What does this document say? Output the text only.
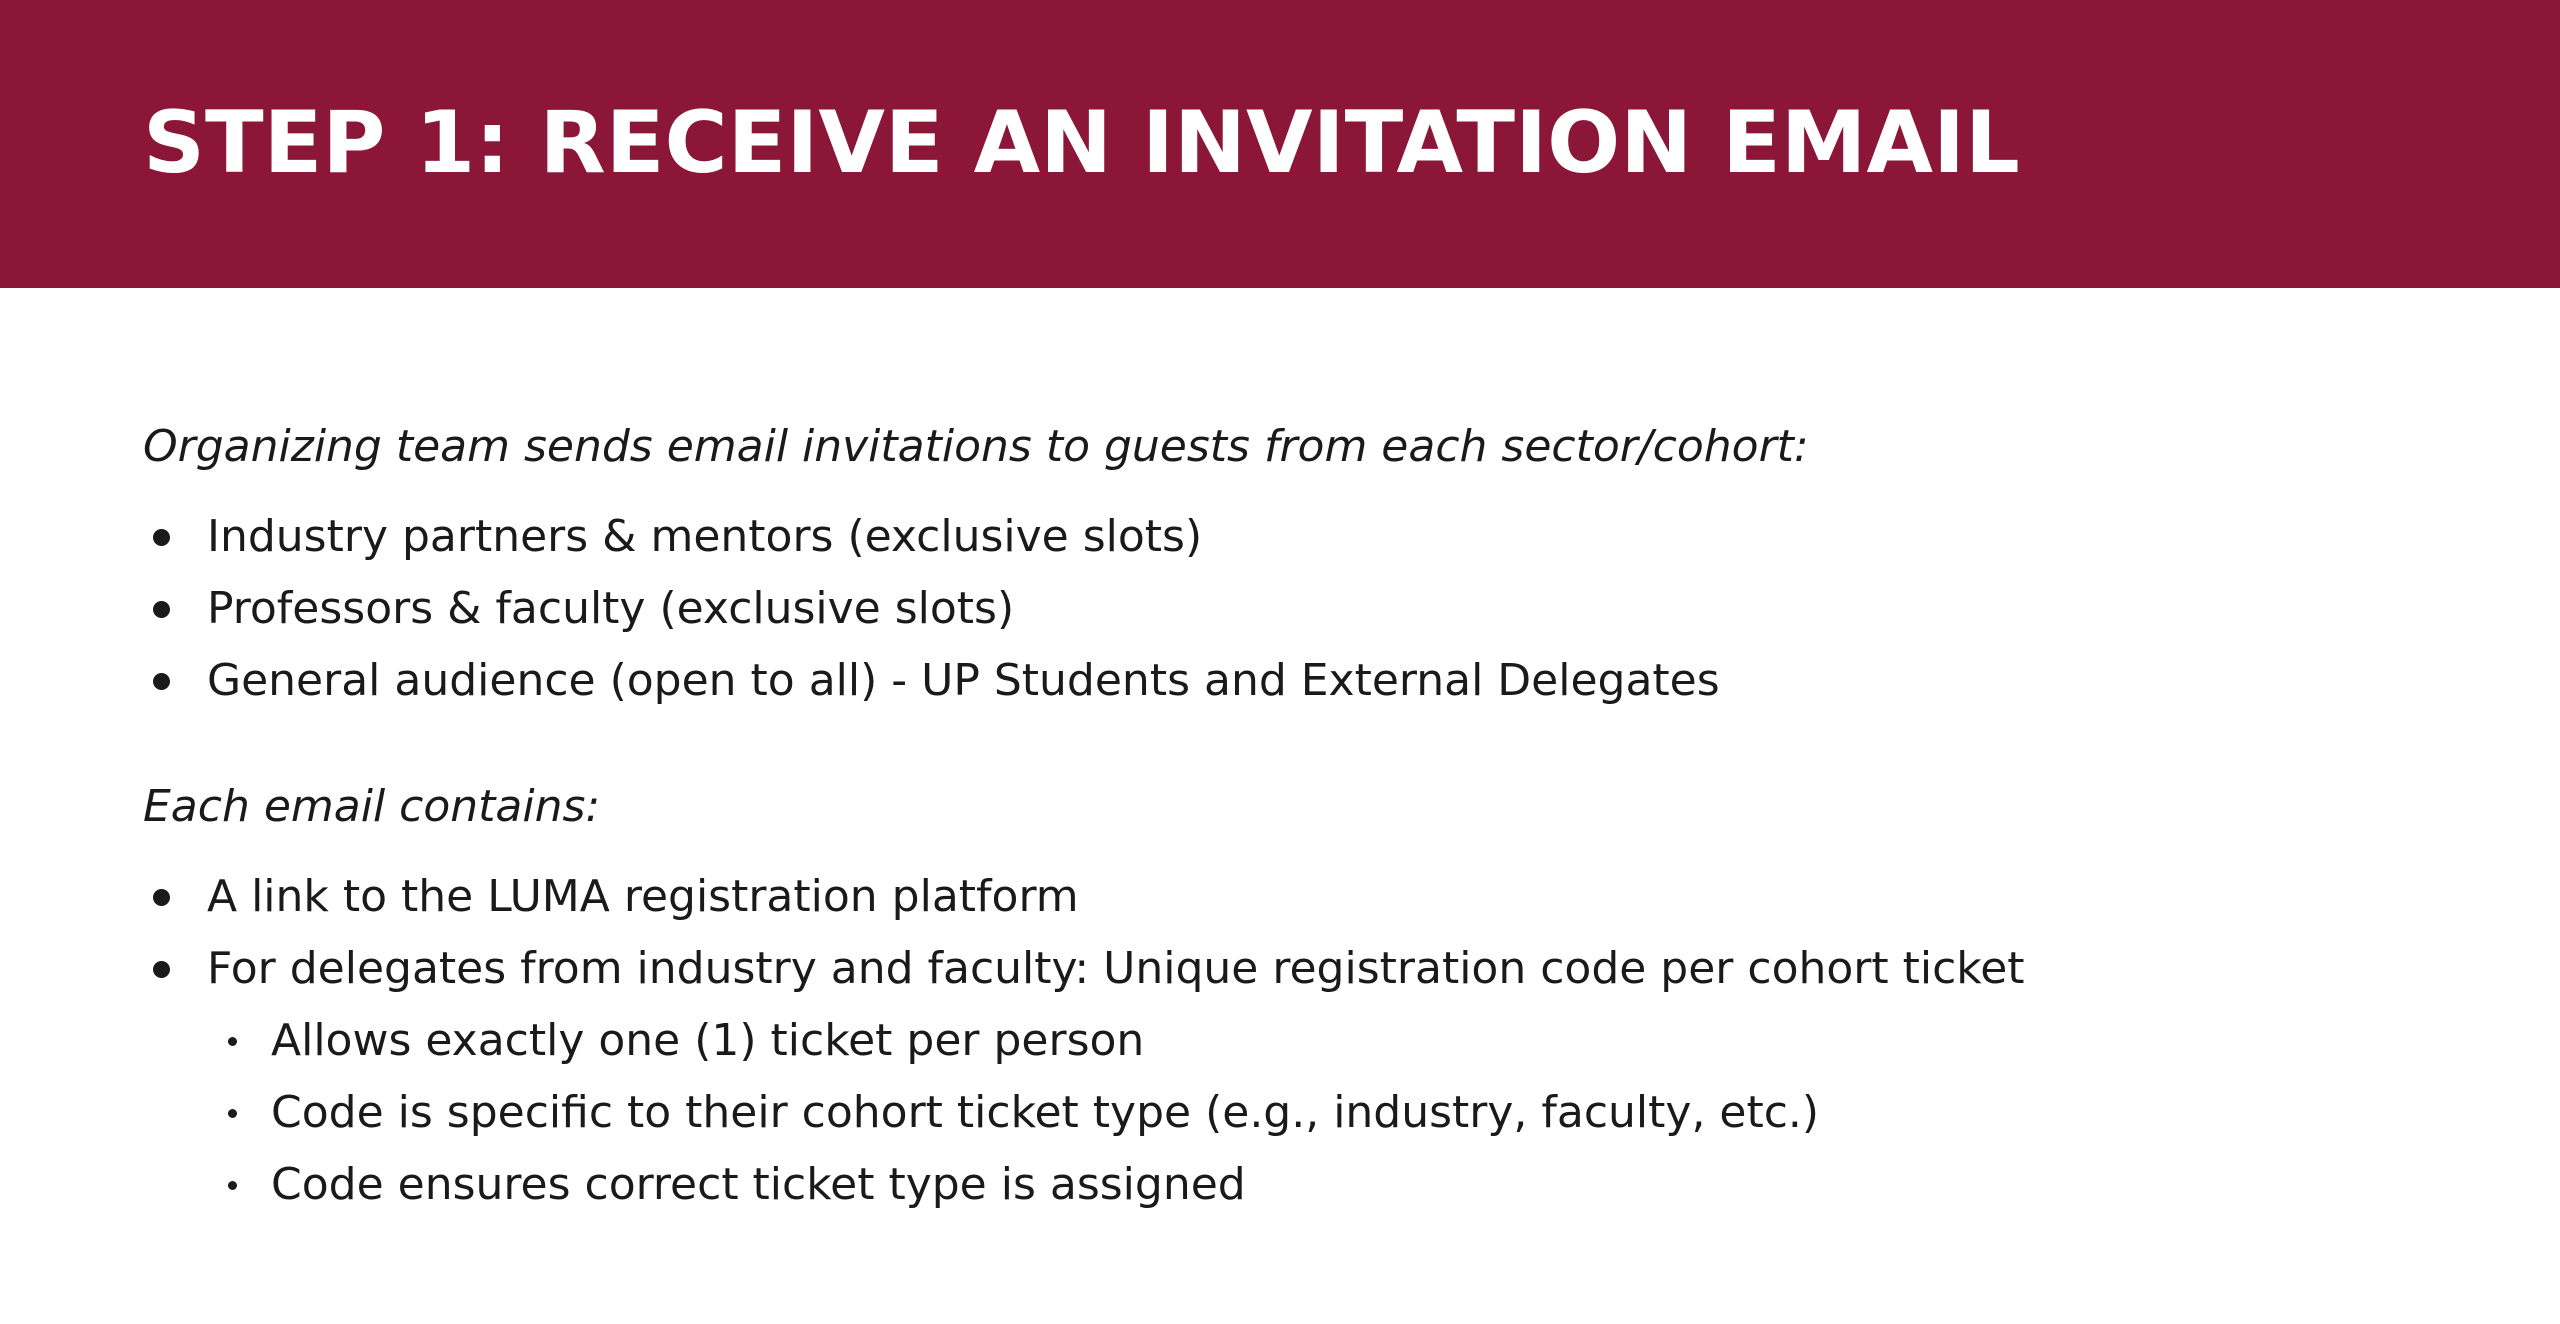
STEP 1: RECEIVE AN INVITATION EMAIL

Organizing team sends email invitations to guests from each sector/cohort:

Industry partners & mentors (exclusive slots)
Professors & faculty (exclusive slots)
General audience (open to all) - UP Students and External Delegates

Each email contains:

A link to the LUMA registration platform
For delegates from industry and faculty: Unique registration code per cohort ticket
Allows exactly one (1) ticket per person
Code is specific to their cohort ticket type (e.g., industry, faculty, etc.)
Code ensures correct ticket type is assigned
